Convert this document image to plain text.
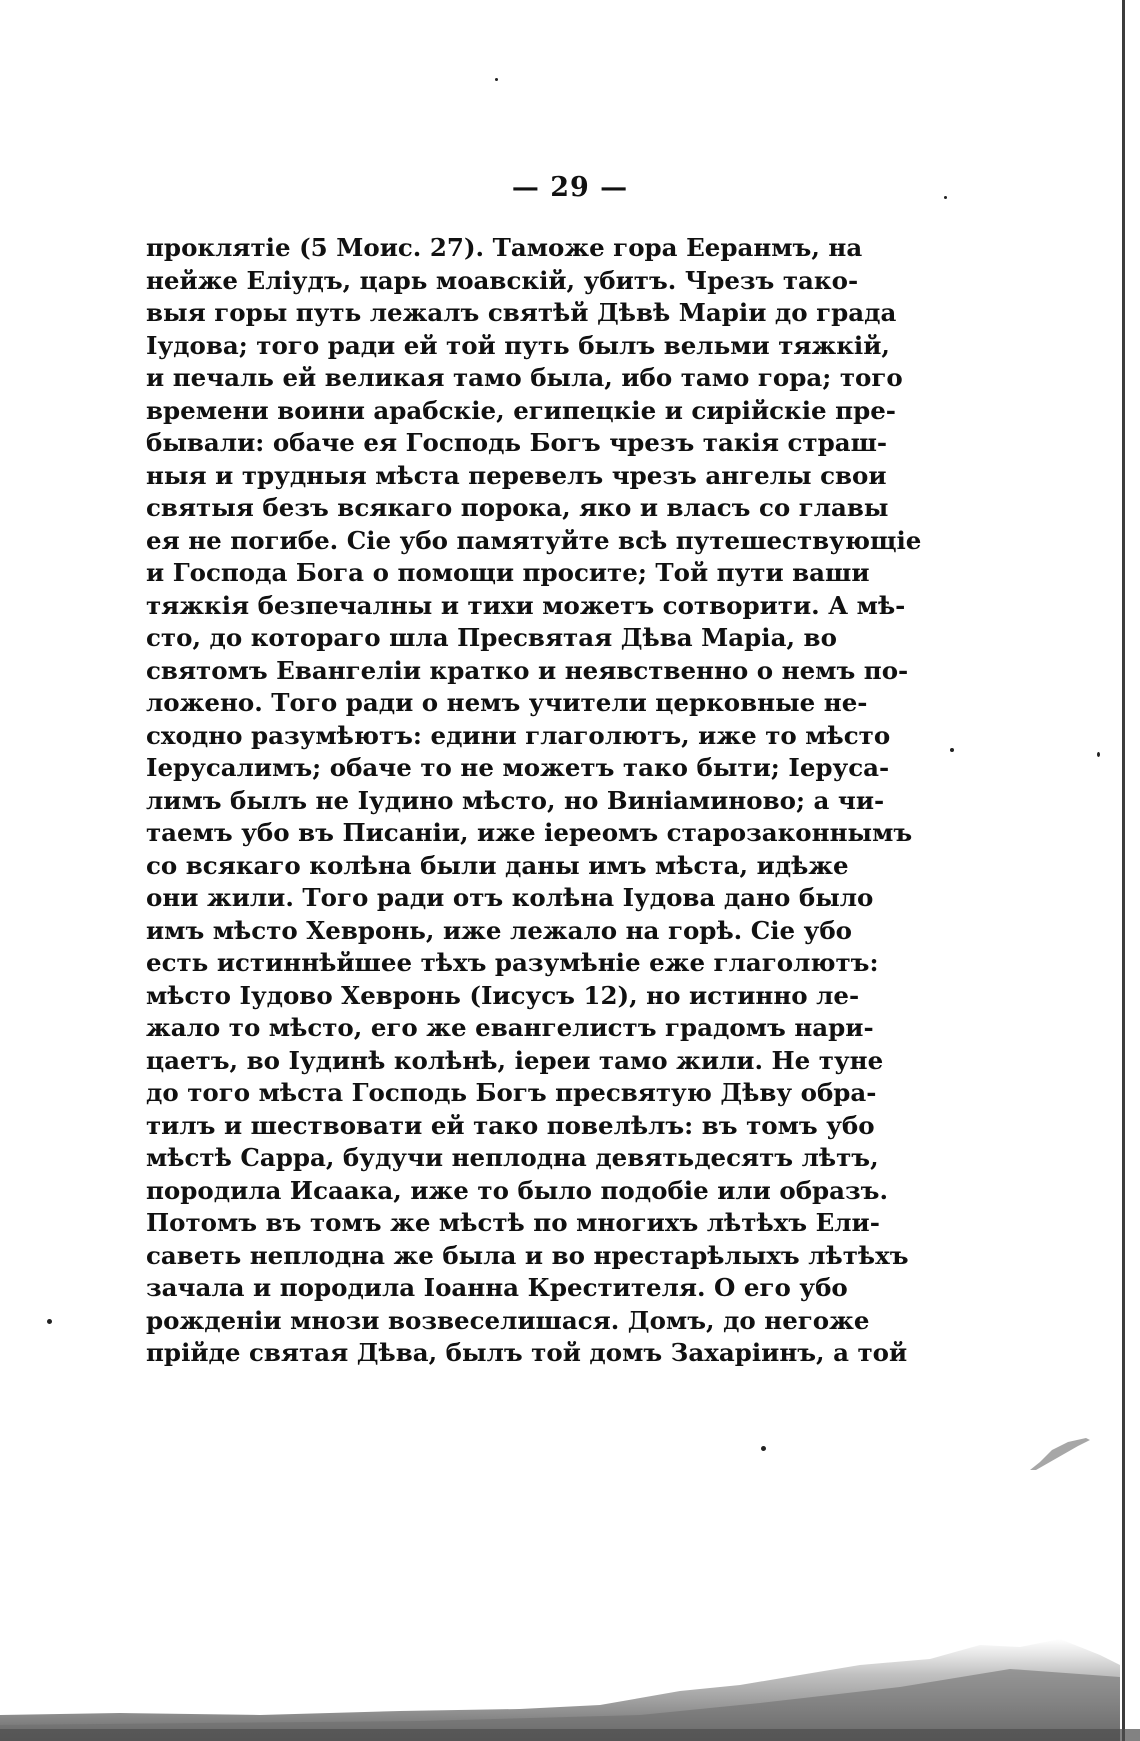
— 29 —
проклятіе (5 Моис. 27). Таможе гора Ееранмъ, на
нейже Еліудъ, царь моавскій, убитъ. Чрезъ тако-
выя горы путь лежалъ святѣй Дѣвѣ Маріи до града
Іудова; того ради ей той путь былъ вельми тяжкій,
и печаль ей великая тамо была, ибо тамо гора; того
времени воини арабскіе, египецкіе и сирійскіе пре-
бывали: обаче ея Господь Богъ чрезъ такія страш-
ныя и трудныя мѣста перевелъ чрезъ ангелы свои
святыя безъ всякаго порока, яко и власъ со главы
ея не погибе. Сіе убо памятуйте всѣ путешествующіе
и Господа Бога о помощи просите; Той пути ваши
тяжкія безпечалны и тихи можетъ сотворити. А мѣ-
сто, до котораго шла Пресвятая Дѣва Маріа, во
святомъ Евангеліи кратко и неявственно о немъ по-
ложено. Того ради о немъ учители церковные не-
сходно разумѣютъ: едини глаголютъ, иже то мѣсто
Іерусалимъ; обаче то не можетъ тако быти; Іеруса-
лимъ былъ не Іудино мѣсто, но Виніаминово; а чи-
таемъ убо въ Писаніи, иже іереомъ старозаконнымъ
со всякаго колѣна были даны имъ мѣста, идѣже
они жили. Того ради отъ колѣна Іудова дано было
имъ мѣсто Хевронь, иже лежало на горѣ. Сіе убо
есть истиннѣйшее тѣхъ разумѣніе еже глаголютъ:
мѣсто Іудово Хевронь (Іисусъ 12), но истинно ле-
жало то мѣсто, его же евангелистъ градомъ нари-
цаетъ, во Іудинѣ колѣнѣ, іереи тамо жили. Не туне
до того мѣста Господь Богъ пресвятую Дѣву обра-
тилъ и шествовати ей тако повелѣлъ: въ томъ убо
мѣстѣ Сарра, будучи неплодна девятьдесятъ лѣтъ,
породила Исаака, иже то было подобіе или образъ.
Потомъ въ томъ же мѣстѣ по многихъ лѣтѣхъ Ели-
саветь неплодна же была и во нрестарѣлыхъ лѣтѣхъ
зачала и породила Іоанна Крестителя. О его убо
рожденіи мнози возвеселишася. Домъ, до негоже
прійде святая Дѣва, былъ той домъ Захаріинъ, а той
